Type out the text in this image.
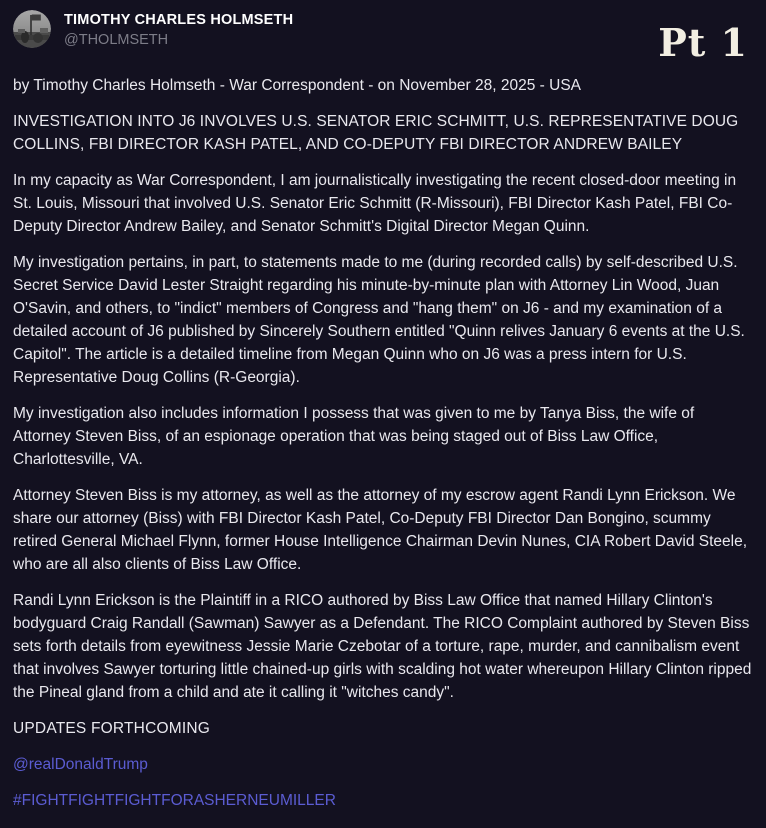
TIMOTHY CHARLES HOLMSETH
@THOLMSETH	Pt 1

by Timothy Charles Holmseth - War Correspondent - on November 28, 2025 - USA

INVESTIGATION INTO J6 INVOLVES U.S. SENATOR ERIC SCHMITT, U.S. REPRESENTATIVE DOUG COLLINS, FBI DIRECTOR KASH PATEL, AND CO-DEPUTY FBI DIRECTOR ANDREW BAILEY

In my capacity as War Correspondent, I am journalistically investigating the recent closed-door meeting in St. Louis, Missouri that involved U.S. Senator Eric Schmitt (R-Missouri), FBI Director Kash Patel, FBI Co-Deputy Director Andrew Bailey, and Senator Schmitt's Digital Director Megan Quinn.

My investigation pertains, in part, to statements made to me (during recorded calls) by self-described U.S. Secret Service David Lester Straight regarding his minute-by-minute plan with Attorney Lin Wood, Juan O'Savin, and others, to "indict" members of Congress and "hang them" on J6 - and my examination of a detailed account of J6 published by Sincerely Southern entitled "Quinn relives January 6 events at the U.S. Capitol". The article is a detailed timeline from Megan Quinn who on J6 was a press intern for U.S. Representative Doug Collins (R-Georgia).

My investigation also includes information I possess that was given to me by Tanya Biss, the wife of Attorney Steven Biss, of an espionage operation that was being staged out of Biss Law Office, Charlottesville, VA.

Attorney Steven Biss is my attorney, as well as the attorney of my escrow agent Randi Lynn Erickson. We share our attorney (Biss) with FBI Director Kash Patel, Co-Deputy FBI Director Dan Bongino, scummy retired General Michael Flynn, former House Intelligence Chairman Devin Nunes, CIA Robert David Steele, who are all also clients of Biss Law Office.

Randi Lynn Erickson is the Plaintiff in a RICO authored by Biss Law Office that named Hillary Clinton's bodyguard Craig Randall (Sawman) Sawyer as a Defendant. The RICO Complaint authored by Steven Biss sets forth details from eyewitness Jessie Marie Czebotar of a torture, rape, murder, and cannibalism event that involves Sawyer torturing little chained-up girls with scalding hot water whereupon Hillary Clinton ripped the Pineal gland from a child and ate it calling it "witches candy".

UPDATES FORTHCOMING

@realDonaldTrump

#FIGHTFIGHTFIGHTFORASHERNEUMILLER
